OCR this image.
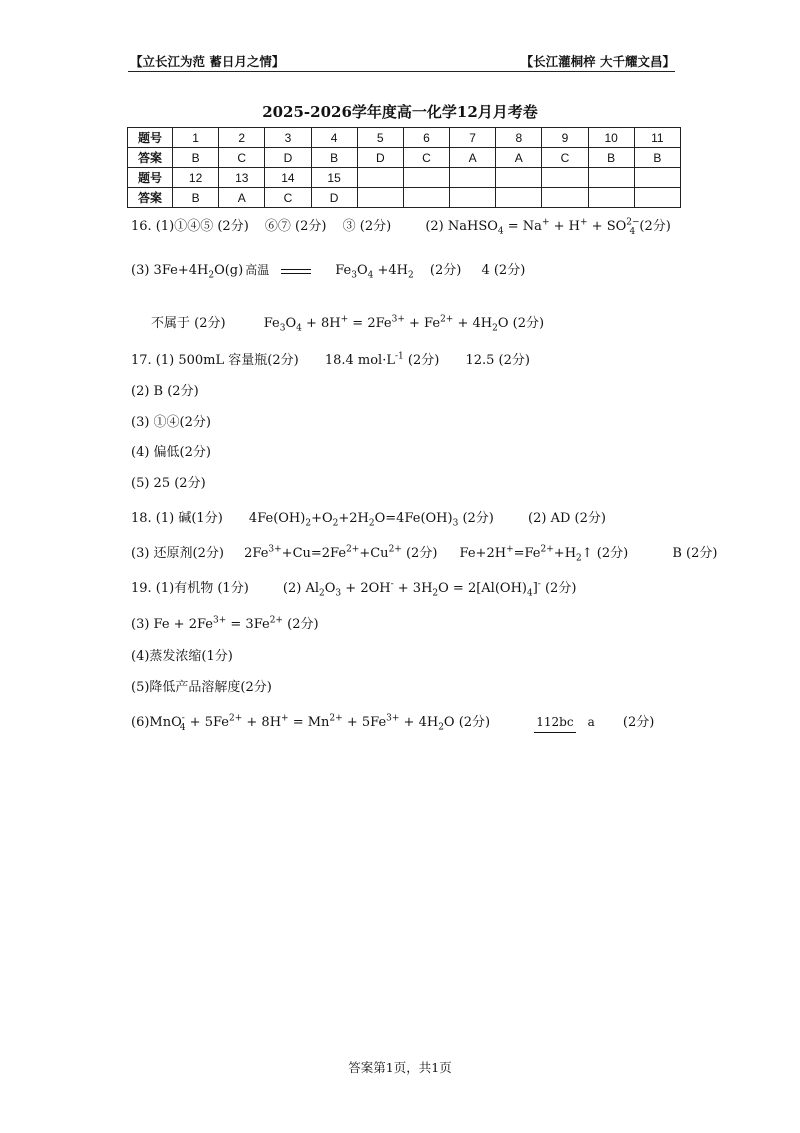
【立长江为范 蓄日月之情】	【长江灌桐梓 大千耀文昌】
2025-2026学年度高一化学12月月考卷
题号	1	2	3	4	5	6	7	8	9	10	11
答案	B	C	D	B	D	C	A	A	C	B	B
题号	12	13	14	15							
答案	B	A	C	D							
16. (1)①④⑤ (2分) ⑥⑦ (2分) ③ (2分)	(2) NaHSO$_4$ = $Na^+ + H^+ + SO^{2-}_4$ (2分)
(3) $3Fe+4H_2O(g)$ 高温	$Fe_3O_4 +4H_2$ (2分) 4 (2分)
不属于 (2分)	$Fe_3O_4 + 8H^+ = 2Fe^{3+} + Fe^{2+} + 4H_2O$ (2分)
17. (1) 500mL 容量瓶(2分) 18.4 $mol\cdot L^{-1}$ (2分) 12.5 (2分)
(2) B (2分)
(3) ①④(2分)
(4) 偏低(2分)
(5) 25 (2分)
18. (1) 碱(1分) $4Fe(OH)_2+O_2+2H_2O=4Fe(OH)_3$ (2分)	(2) AD (2分)
(3) 还原剂(2分) $2Fe^{3+}+Cu=2Fe^{2+}+Cu^{2+}$ (2分) $Fe+2H^+=Fe^{2+}+H_2↑$ (2分)	B (2分)
19. (1)有机物 (1分)	(2) $Al_2O_3 + 2OH^- + 3H_2O = 2[Al(OH)_4]^-$ (2分)
(3) $Fe + 2Fe^{3+} = 3Fe^{2+}$ (2分)
(4)蒸发浓缩(1分)
(5)降低产品溶解度(2分)
$(6)MnO^-_4 + 5Fe^{2+} + 8H^+ = Mn^{2+} + 5Fe^{3+} + 4H_2O$ (2分)	112bc a (2分)
答案第1页，共1页
